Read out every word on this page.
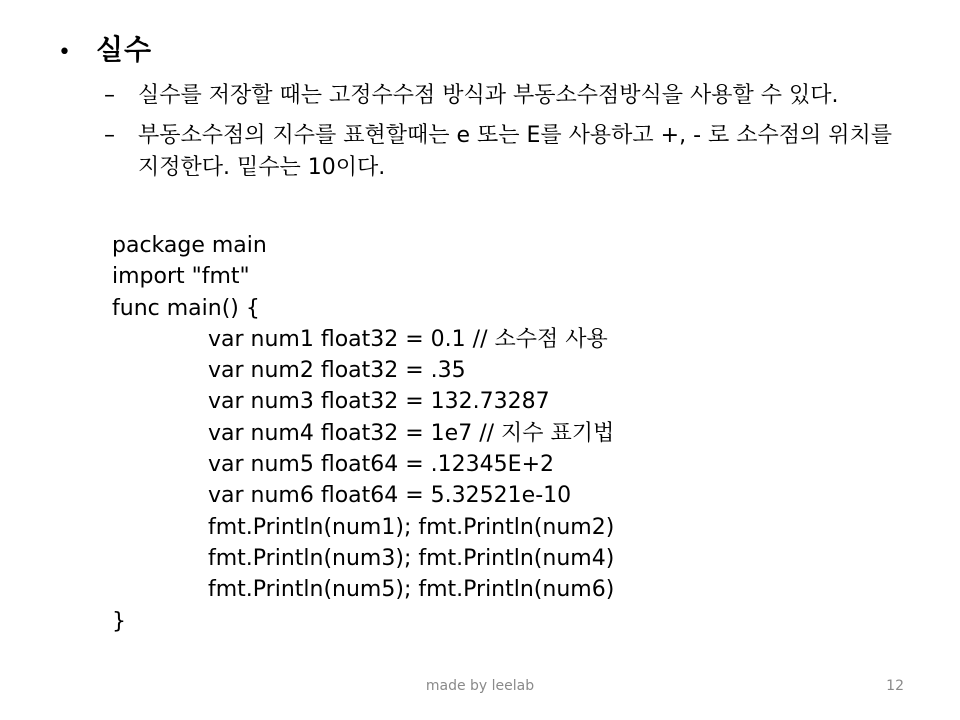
• 실수
–	실수를 저장할 때는 고정수수점 방식과 부동소수점방식을 사용할 수 있다.
–	부동소수점의 지수를 표현할때는 e 또는 E를 사용하고 +, - 로 소수점의 위치를 지정한다. 밑수는 10이다.
package main
import "fmt"
func main() {
var num1 float32 = 0.1 // 소수점 사용
var num2 float32 = .35
var num3 float32 = 132.73287
var num4 float32 = 1e7 // 지수 표기법
var num5 float64 = .12345E+2
var num6 float64 = 5.32521e-10
fmt.Println(num1); fmt.Println(num2)
fmt.Println(num3); fmt.Println(num4)
fmt.Println(num5); fmt.Println(num6)
}
made by leelab	12
